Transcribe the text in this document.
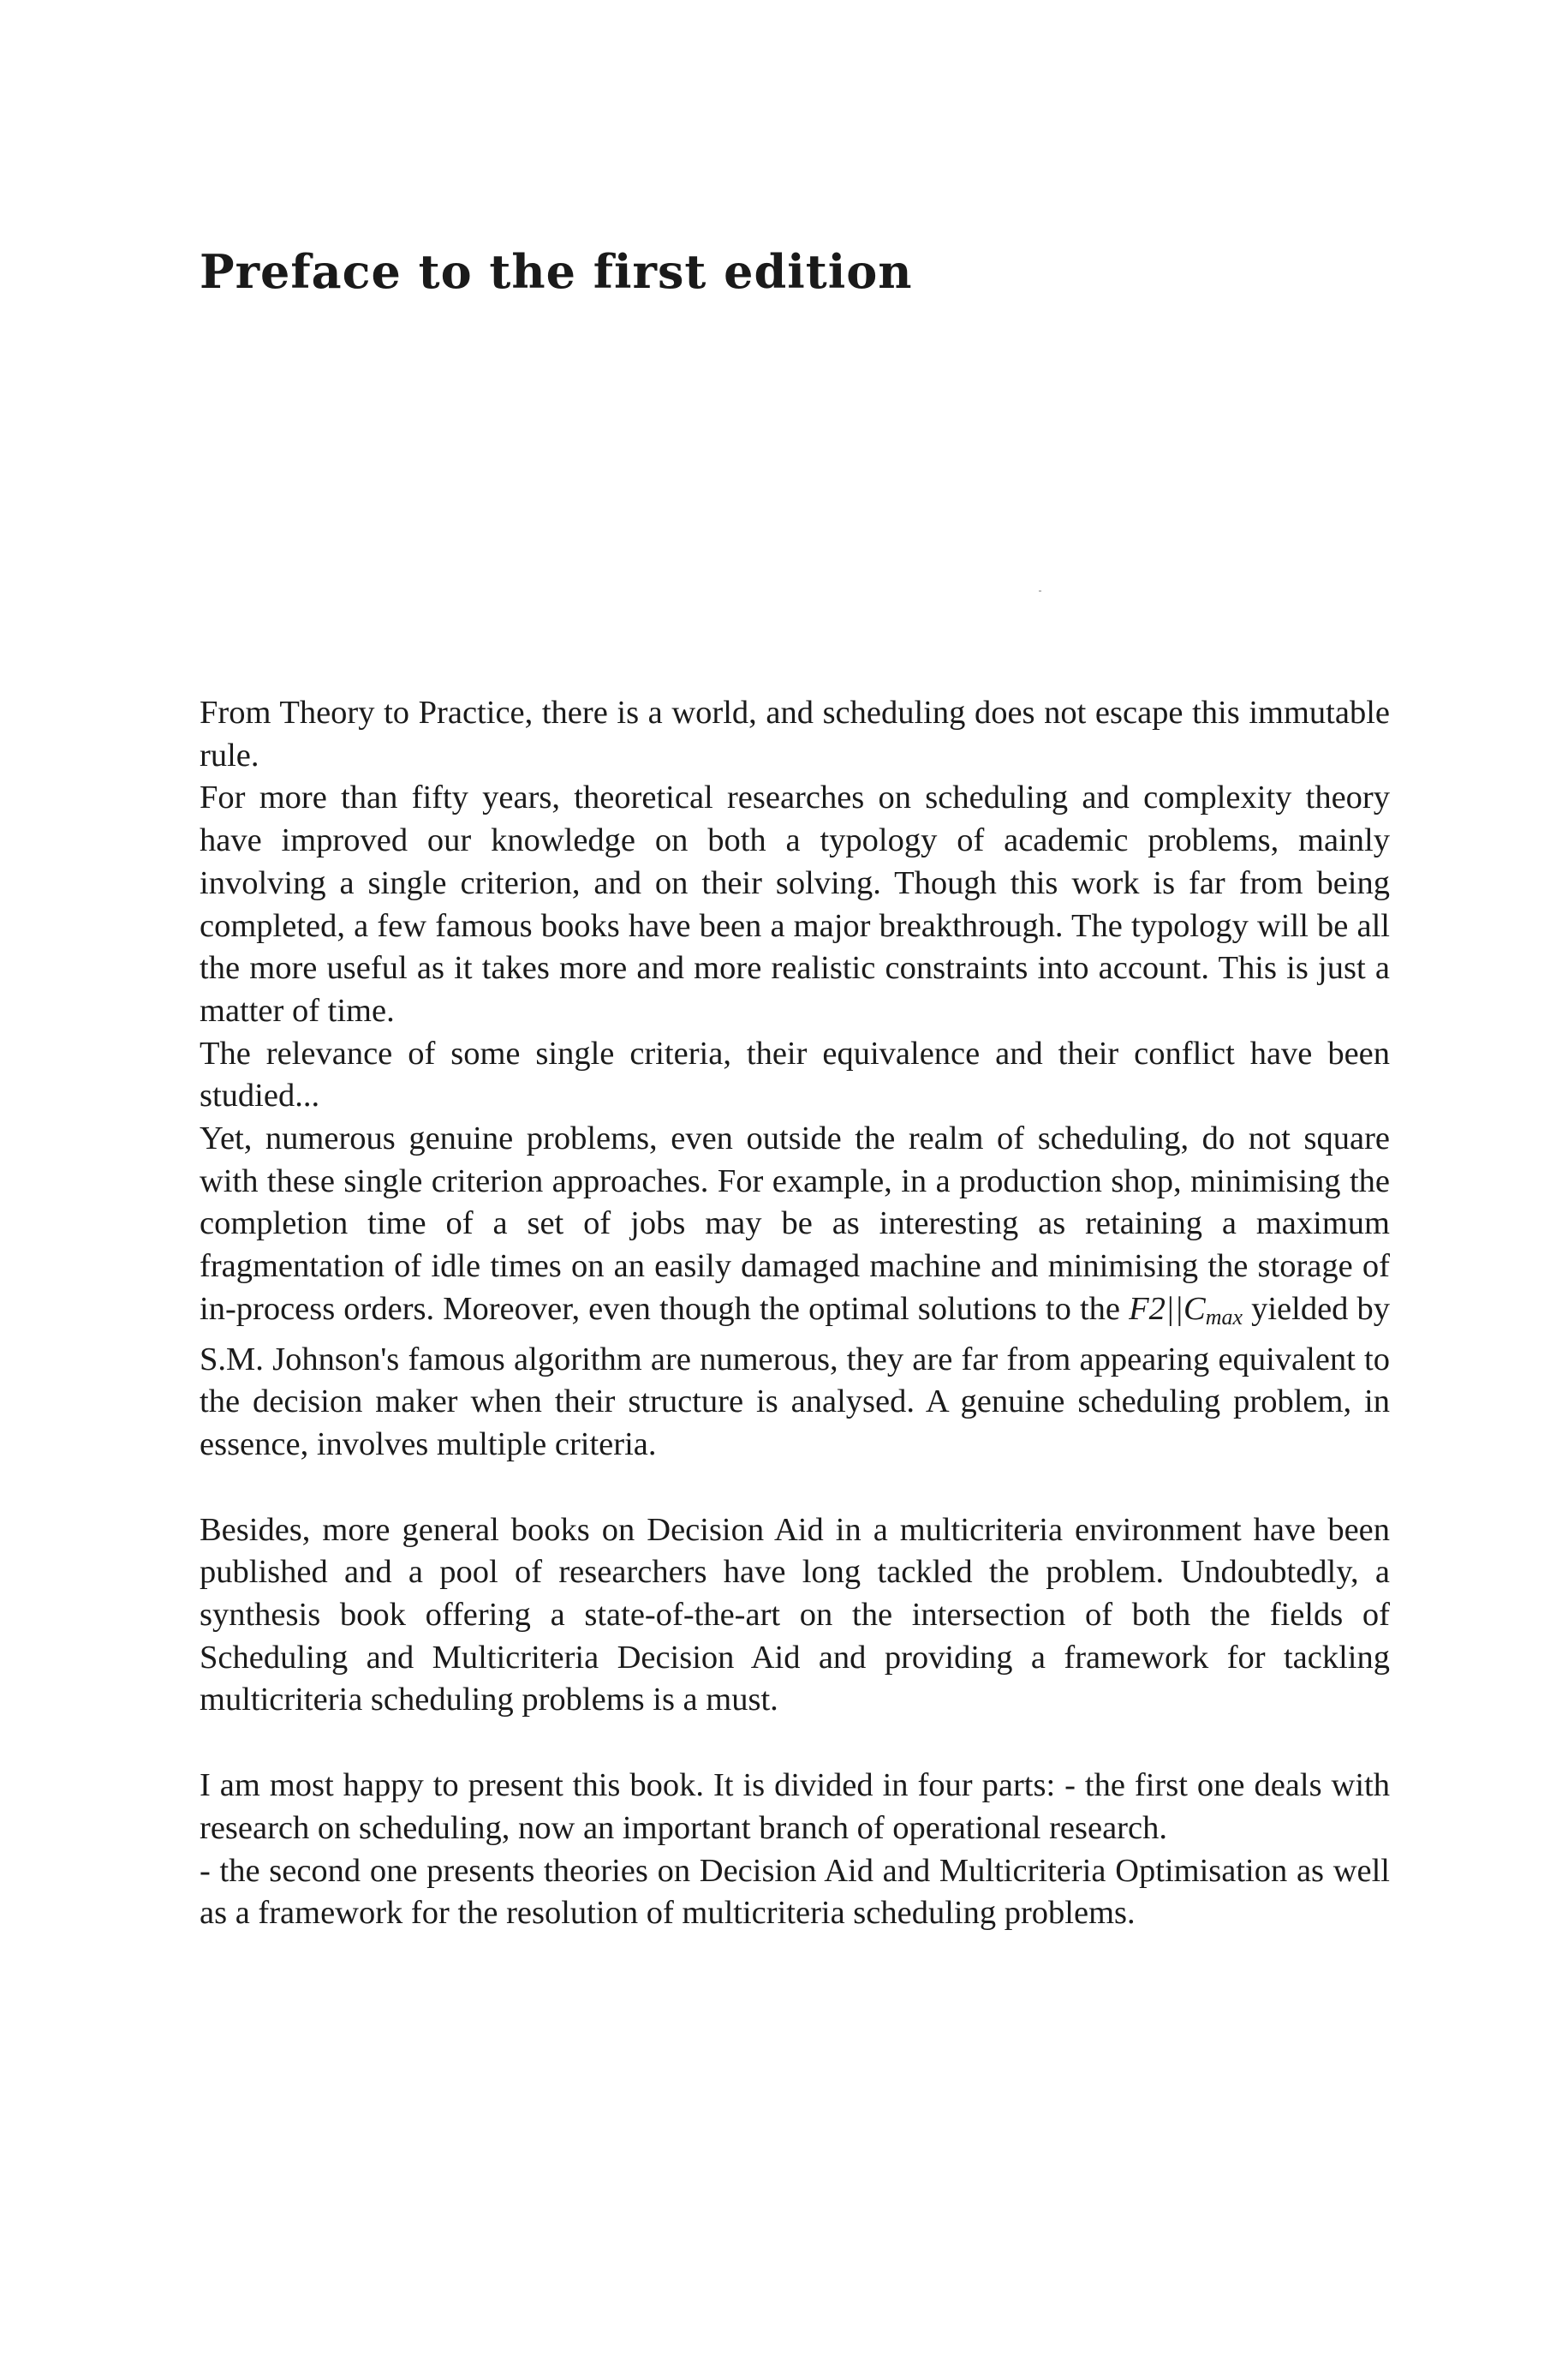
Preface to the first edition

From Theory to Practice, there is a world, and scheduling does not escape this immutable rule.

For more than fifty years, theoretical researches on scheduling and complexity theory have improved our knowledge on both a typology of academic problems, mainly involving a single criterion, and on their solving. Though this work is far from being completed, a few famous books have been a major breakthrough. The typology will be all the more useful as it takes more and more realistic constraints into account. This is just a matter of time.

The relevance of some single criteria, their equivalence and their conflict have been studied...

Yet, numerous genuine problems, even outside the realm of scheduling, do not square with these single criterion approaches. For example, in a production shop, minimising the completion time of a set of jobs may be as interesting as retaining a maximum fragmentation of idle times on an easily damaged machine and minimising the storage of in-process orders. Moreover, even though the optimal solutions to the $F2||C_{max}$ yielded by S.M. Johnson's famous algorithm are numerous, they are far from appearing equivalent to the decision maker when their structure is analysed. A genuine scheduling problem, in essence, involves multiple criteria.

Besides, more general books on Decision Aid in a multicriteria environment have been published and a pool of researchers have long tackled the problem. Undoubtedly, a synthesis book offering a state-of-the-art on the intersection of both the fields of Scheduling and Multicriteria Decision Aid and providing a framework for tackling multicriteria scheduling problems is a must.

I am most happy to present this book. It is divided in four parts: - the first one deals with research on scheduling, now an important branch of operational research.

- the second one presents theories on Decision Aid and Multicriteria Optimisation as well as a framework for the resolution of multicriteria scheduling problems.
